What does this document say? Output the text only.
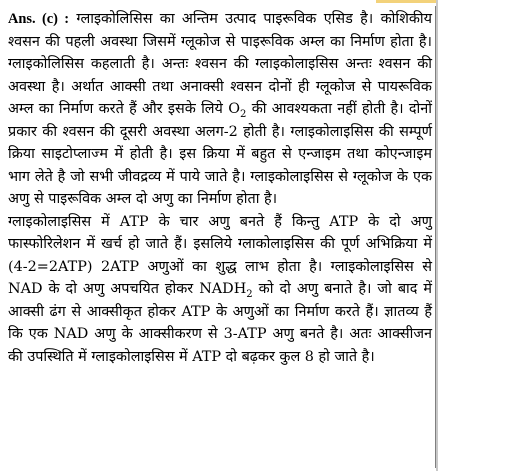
Ans. (c) : ग्लाइकोलिसिस का अन्तिम उत्पाद पाइरूविक एसिड है। कोशिकीय श्वसन की पहली अवस्था जिसमें ग्लूकोज से पाइरूविक अम्ल का निर्माण होता है। ग्लाइकोलिसिस कहलाती है। अन्तः श्वसन की ग्लाइकोलाइसिस अन्तः श्वसन की अवस्था है। अर्थात आक्सी तथा अनाक्सी श्वसन दोनों ही ग्लूकोज से पायरूविक अम्ल का निर्माण करते हैं और इसके लिये $O_2$ की आवश्यकता नहीं होती है। दोनों प्रकार की श्वसन की दूसरी अवस्था अलग-2 होती है। ग्लाइकोलाइसिस की सम्पूर्ण क्रिया साइटोप्लाज्म में होती है। इस क्रिया में बहुत से एन्जाइम तथा कोएन्जाइम भाग लेते है जो सभी जीवद्रव्य में पाये जाते है। ग्लाइकोलाइसिस से ग्लूकोज के एक अणु से पाइरूविक अम्ल दो अणु का निर्माण होता है।

ग्लाइकोलाइसिस में ATP के चार अणु बनते हैं किन्तु ATP के दो अणु फास्फोरिलेशन में खर्च हो जाते हैं। इसलिये ग्लाकोलाइसिस की पूर्ण अभिक्रिया में (4-2=2ATP) 2ATP अणुओं का शुद्ध लाभ होता है। ग्लाइकोलाइसिस से NAD के दो अणु अपचयित होकर $NADH_2$ को दो अणु बनाते है। जो बाद में आक्सी ढंग से आक्सीकृत होकर ATP के अणुओं का निर्माण करते हैं। ज्ञातव्य हैं कि एक NAD अणु के आक्सीकरण से 3-ATP अणु बनते है। अतः आक्सीजन की उपस्थिति में ग्लाइकोलाइसिस में ATP दो बढ़कर कुल 8 हो जाते है।
